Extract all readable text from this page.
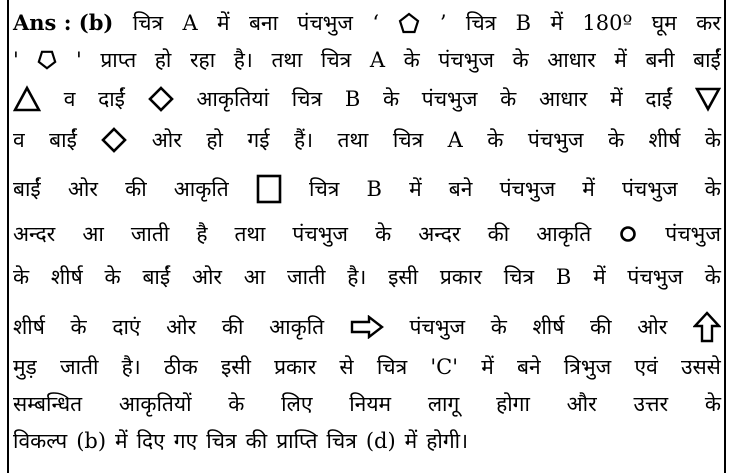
Ans : (b) चित्र A में बना पंचभुज ‘	’ चित्र B में 180º घूम कर
'	' प्राप्त हो रहा है। तथा चित्र A के पंचभुज के आधार में बनी बाईं
व दाईं	आकृतियां चित्र B के पंचभुज के आधार में दाईं
व बाईं	ओर हो गई हैं। तथा चित्र A के पंचभुज के शीर्ष के
बाईं ओर की आकृति	चित्र B में बने पंचभुज में पंचभुज के
अन्दर आ जाती है तथा पंचभुज के अन्दर की आकृति	पंचभुज
के शीर्ष के बाईं ओर आ जाती है। इसी प्रकार चित्र B में पंचभुज के
शीर्ष के दाएं ओर की आकृति	पंचभुज के शीर्ष की ओर
मुड़ जाती है। ठीक इसी प्रकार से चित्र 'C' में बने त्रिभुज एवं उससे
सम्बन्धित आकृतियों के लिए नियम लागू होगा और उत्तर के
विकल्प (b) में दिए गए चित्र की प्राप्ति चित्र (d) में होगी।
